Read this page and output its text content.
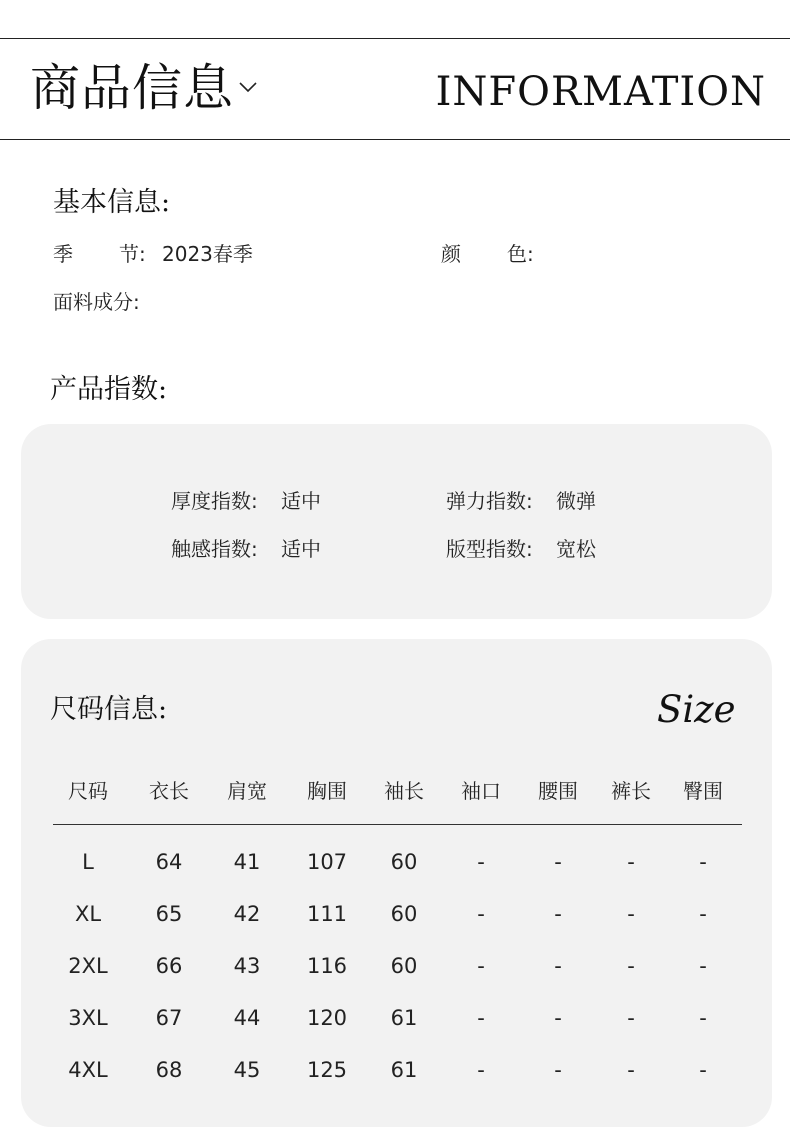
商品信息	INFORMATION
基本信息:
季 节: 2023春季	颜 色:
面料成分:
产品指数:
厚度指数: 适中	弹力指数: 微弹
触感指数: 适中	版型指数: 宽松
尺码信息:	Size
尺码	衣长	肩宽	胸围	袖长	袖口	腰围	裤长	臀围
L	64	41	107	60	-	-	-	-
XL	65	42	111	60	-	-	-	-
2XL	66	43	116	60	-	-	-	-
3XL	67	44	120	61	-	-	-	-
4XL	68	45	125	61	-	-	-	-
